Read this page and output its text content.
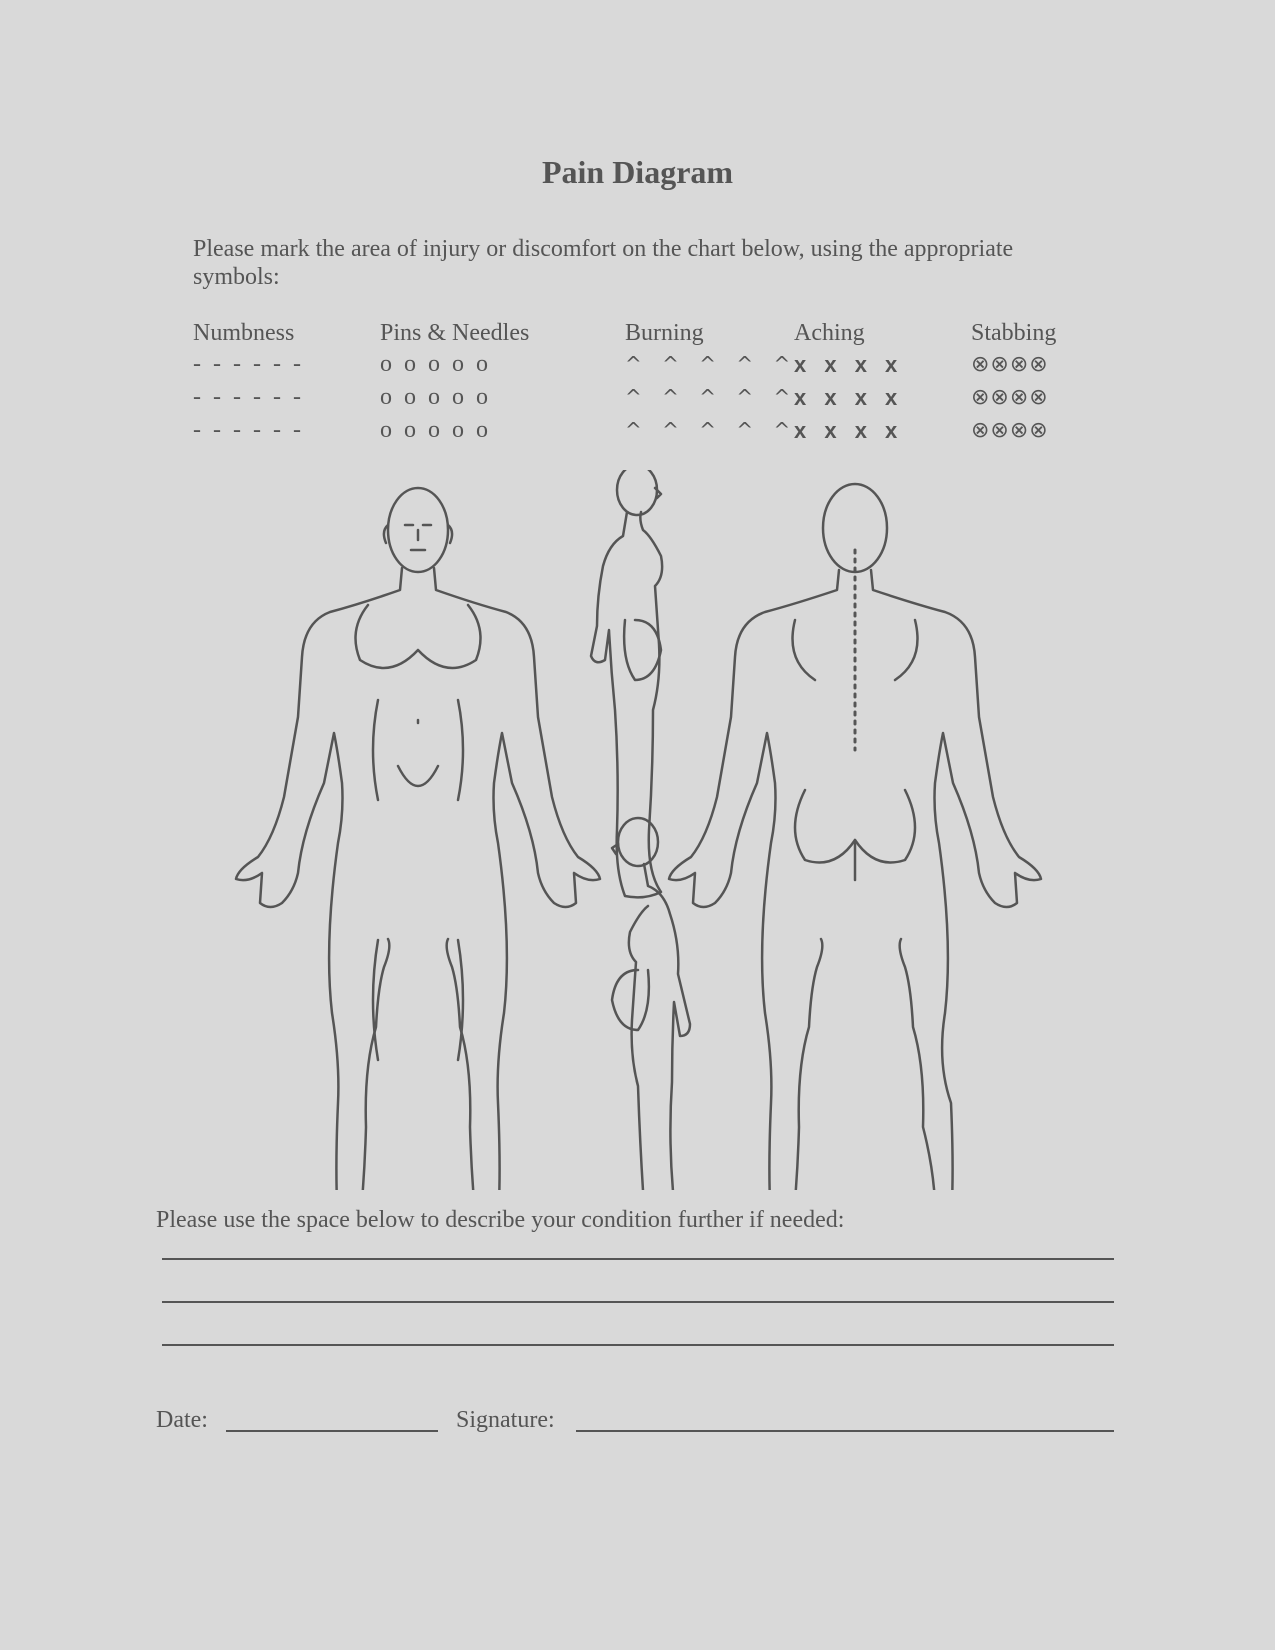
Pain Diagram
Please mark the area of injury or discomfort on the chart below, using the appropriate symbols:
Numbness
- - - - - -
- - - - - -
- - - - - -
Pins & Needles
o o o o o
o o o o o
o o o o o
Burning
^ ^ ^ ^ ^
^ ^ ^ ^ ^
^ ^ ^ ^ ^
Aching
x x x x
x x x x
x x x x
Stabbing
⊗⊗⊗⊗
⊗⊗⊗⊗
⊗⊗⊗⊗
Please use the space below to describe your condition further if needed:
Date:	Signature:
